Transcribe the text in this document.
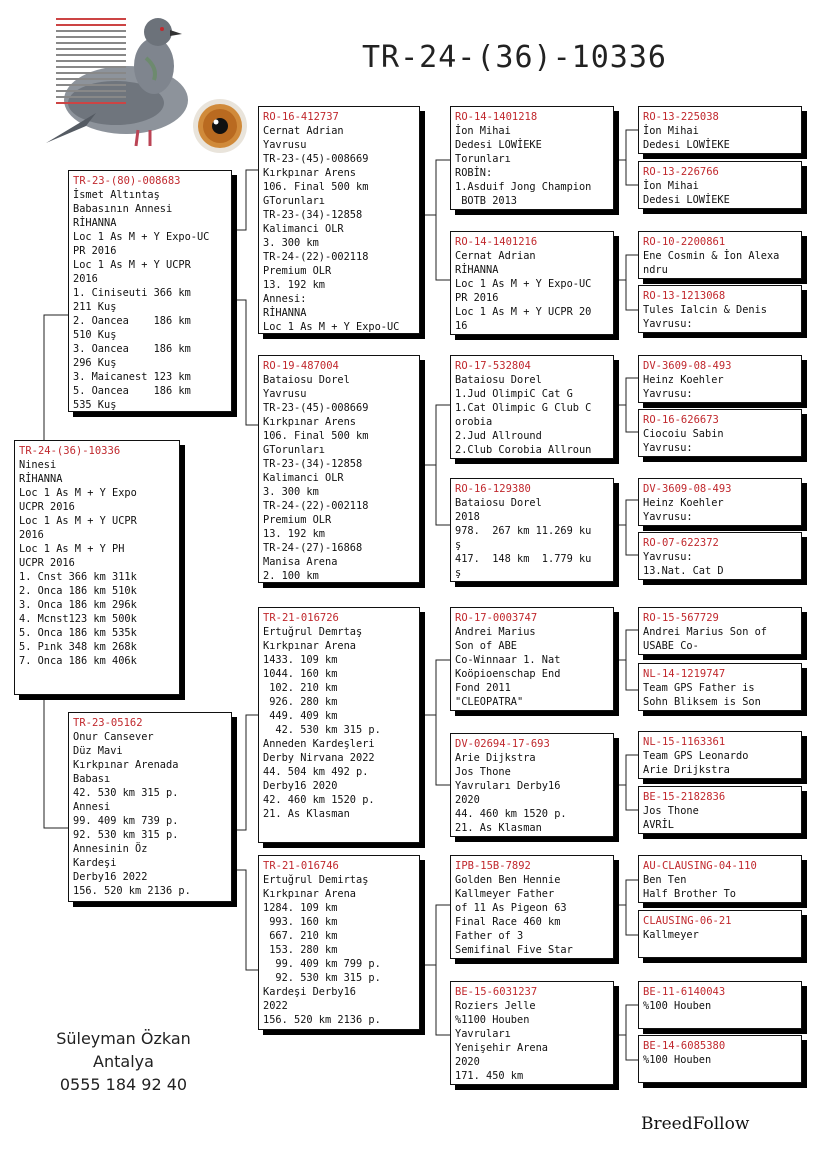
TR-24-(36)-10336
TR-24-(36)-10336
Ninesi
RİHANNA
Loc 1 As M + Y Expo
UCPR 2016
Loc 1 As M + Y UCPR
2016
Loc 1 As M + Y PH
UCPR 2016
1. Cnst 366 km 311k
2. Onca 186 km 510k
3. Onca 186 km 296k
4. Mcnst123 km 500k
5. Onca 186 km 535k
5. Pınk 348 km 268k
7. Onca 186 km 406k
TR-23-(80)-008683
İsmet Altıntaş
Babasının Annesi
RİHANNA
Loc 1 As M + Y Expo-UC
PR 2016
Loc 1 As M + Y UCPR
2016
1. Ciniseuti 366 km
211 Kuş
2. Oancea    186 km
510 Kuş
3. Oancea    186 km
296 Kuş
3. Maicanest 123 km
5. Oancea    186 km
535 Kuş
TR-23-05162
Onur Cansever
Düz Mavi
Kırkpınar Arenada
Babası
42. 530 km 315 p.
Annesi
99. 409 km 739 p.
92. 530 km 315 p.
Annesinin Öz
Kardeşi
Derby16 2022
156. 520 km 2136 p.
RO-16-412737
Cernat Adrian
Yavrusu
TR-23-(45)-008669
Kırkpınar Arens
106. Final 500 km
GTorunları
TR-23-(34)-12858
Kalimanci OLR
3. 300 km
TR-24-(22)-002118
Premium OLR
13. 192 km
Annesi:
RİHANNA
Loc 1 As M + Y Expo-UC
RO-19-487004
Bataiosu Dorel
Yavrusu
TR-23-(45)-008669
Kırkpınar Arens
106. Final 500 km
GTorunları
TR-23-(34)-12858
Kalimanci OLR
3. 300 km
TR-24-(22)-002118
Premium OLR
13. 192 km
TR-24-(27)-16868
Manisa Arena
2. 100 km
TR-21-016726
Ertuğrul Demrtaş
Kırkpınar Arena
1433. 109 km
1044. 160 km
102. 210 km
926. 280 km
449. 409 km
42. 530 km 315 p.
Anneden Kardeşleri
Derby Nirvana 2022
44. 504 km 492 p.
Derby16 2020
42. 460 km 1520 p.
21. As Klasman
TR-21-016746
Ertuğrul Demirtaş
Kırkpınar Arena
1284. 109 km
993. 160 km
667. 210 km
153. 280 km
99. 409 km 799 p.
92. 530 km 315 p.
Kardeşi Derby16
2022
156. 520 km 2136 p.
RO-14-1401218
İon Mihai
Dedesi LOWİEKE
Torunları
ROBİN:
1.Asduif Jong Champion
BOTB 2013
RO-14-1401216
Cernat Adrian
RİHANNA
Loc 1 As M + Y Expo-UC
PR 2016
Loc 1 As M + Y UCPR 20
16
RO-17-532804
Bataiosu Dorel
1.Jud OlimpiC Cat G
1.Cat Olimpic G Club C
orobia
2.Jud Allround
2.Club Corobia Allroun
RO-16-129380
Bataiosu Dorel
2018
978.  267 km 11.269 ku
ş
417.  148 km  1.779 ku
ş
RO-17-0003747
Andrei Marius
Son of ABE
Co-Winnaar 1. Nat
Koöpioenschap End
Fond 2011
"CLEOPATRA"
DV-02694-17-693
Arie Dijkstra
Jos Thone
Yavruları Derby16
2020
44. 460 km 1520 p.
21. As Klasman
IPB-15B-7892
Golden Ben Hennie
Kallmeyer Father
of 11 As Pigeon 63
Final Race 460 km
Father of 3
Semifinal Five Star
BE-15-6031237
Roziers Jelle
%1100 Houben
Yavruları
Yenişehir Arena
2020
171. 450 km
RO-13-225038
İon Mihai
Dedesi LOWİEKE
RO-13-226766
İon Mihai
Dedesi LOWİEKE
RO-10-2200861
Ene Cosmin & İon Alexa
ndru
RO-13-1213068
Tules Ialcin & Denis
Yavrusu:
DV-3609-08-493
Heinz Koehler
Yavrusu:
RO-16-626673
Ciocoiu Sabin
Yavrusu:
DV-3609-08-493
Heinz Koehler
Yavrusu:
RO-07-622372
Yavrusu:
13.Nat. Cat D
RO-15-567729
Andrei Marius Son of
USABE Co-
NL-14-1219747
Team GPS Father is
Sohn Bliksem is Son
NL-15-1163361
Team GPS Leonardo
Arie Drijkstra
BE-15-2182836
Jos Thone
AVRİL
AU-CLAUSING-04-110
Ben Ten
Half Brother To
CLAUSING-06-21
Kallmeyer
BE-11-6140043
%100 Houben
BE-14-6085380
%100 Houben
Süleyman Özkan
Antalya
0555 184 92 40
BreedFollow
